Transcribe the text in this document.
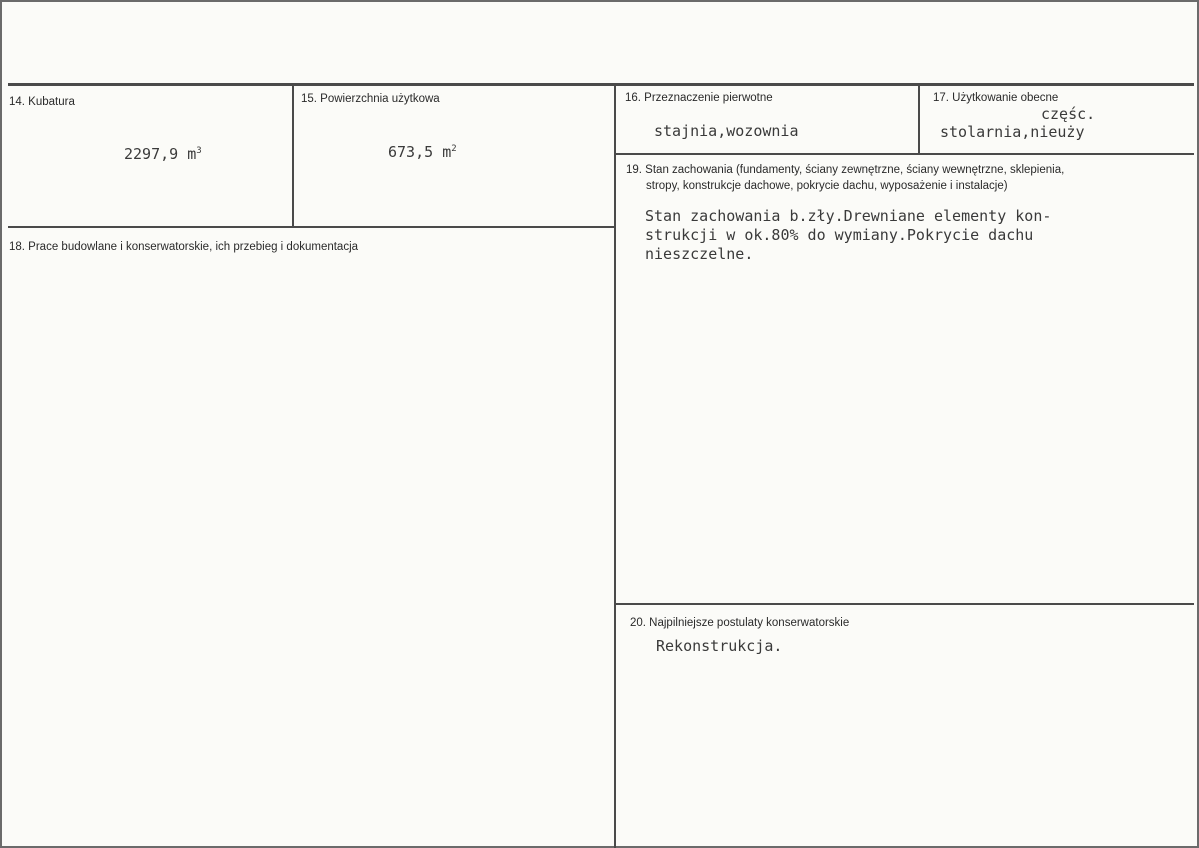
14. Kubatura
2297,9 $m^3$
15. Powierzchnia użytkowa
673,5 $m^2$
16. Przeznaczenie pierwotne
stajnia,wozownia
17. Użytkowanie obecne
częśc.
stolarnia,nieuży
18. Prace budowlane i konserwatorskie, ich przebieg i dokumentacja
19. Stan zachowania (fundamenty, ściany zewnętrzne, ściany wewnętrzne, sklepienia,
stropy, konstrukcje dachowe, pokrycie dachu, wyposażenie i instalacje)
Stan zachowania b.zły.Drewniane elementy kon-
strukcji w ok.80% do wymiany.Pokrycie dachu
nieszczelne.
20. Najpilniejsze postulaty konserwatorskie
Rekonstrukcja.
